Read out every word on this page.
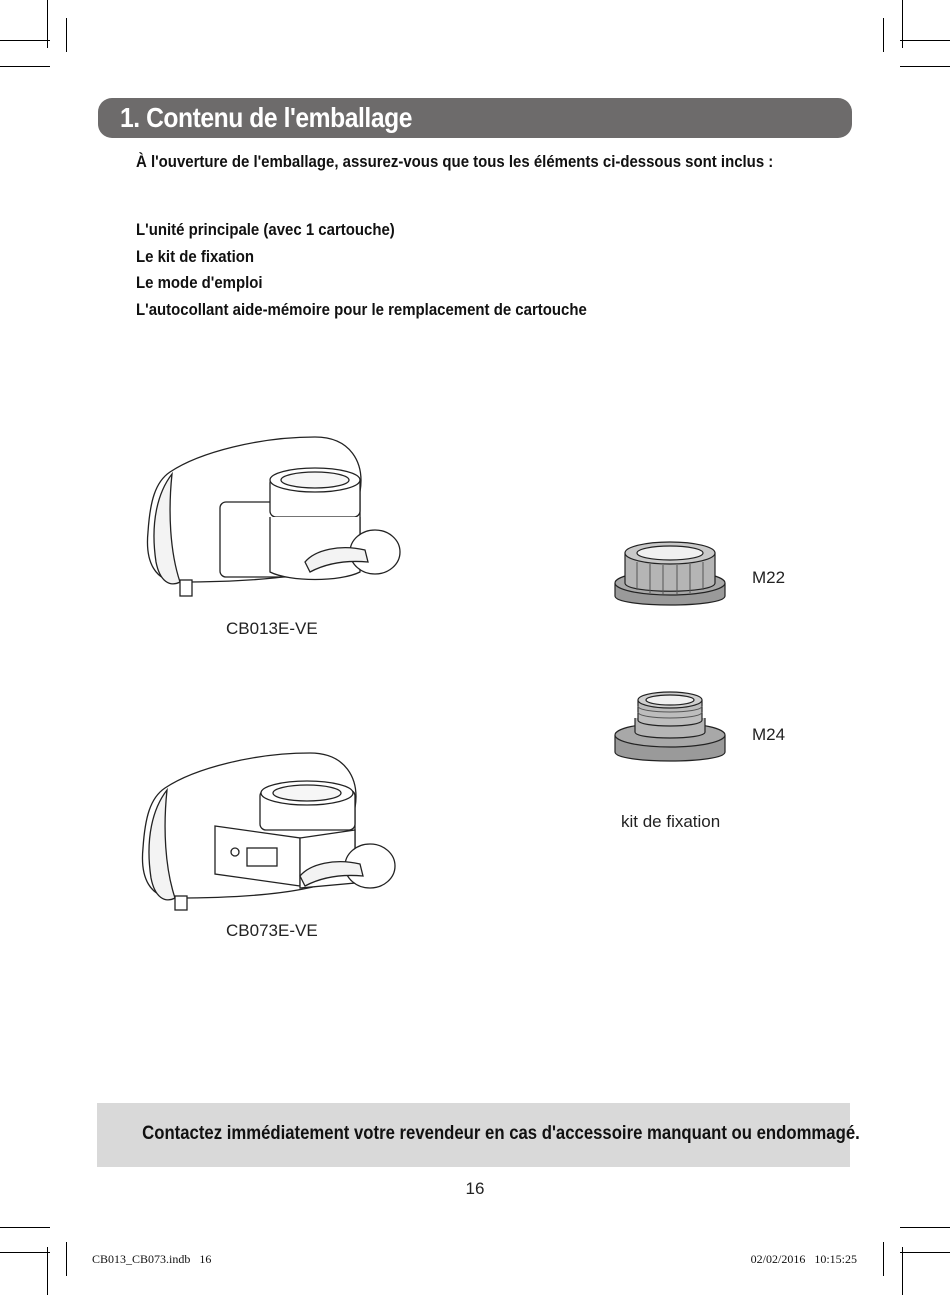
1. Contenu de l'emballage

À l'ouverture de l'emballage, assurez-vous que tous les éléments ci-dessous sont inclus :

L'unité principale (avec 1 cartouche)
Le kit de fixation
Le mode d'emploi
L'autocollant aide-mémoire pour le remplacement de cartouche
CB013E-VE
CB073E-VE
M22
M24
kit de fixation

Contactez immédiatement votre revendeur en cas d'accessoire manquant ou endommagé.

16
CB013_CB073.indb   16	02/02/2016   10:15:25
